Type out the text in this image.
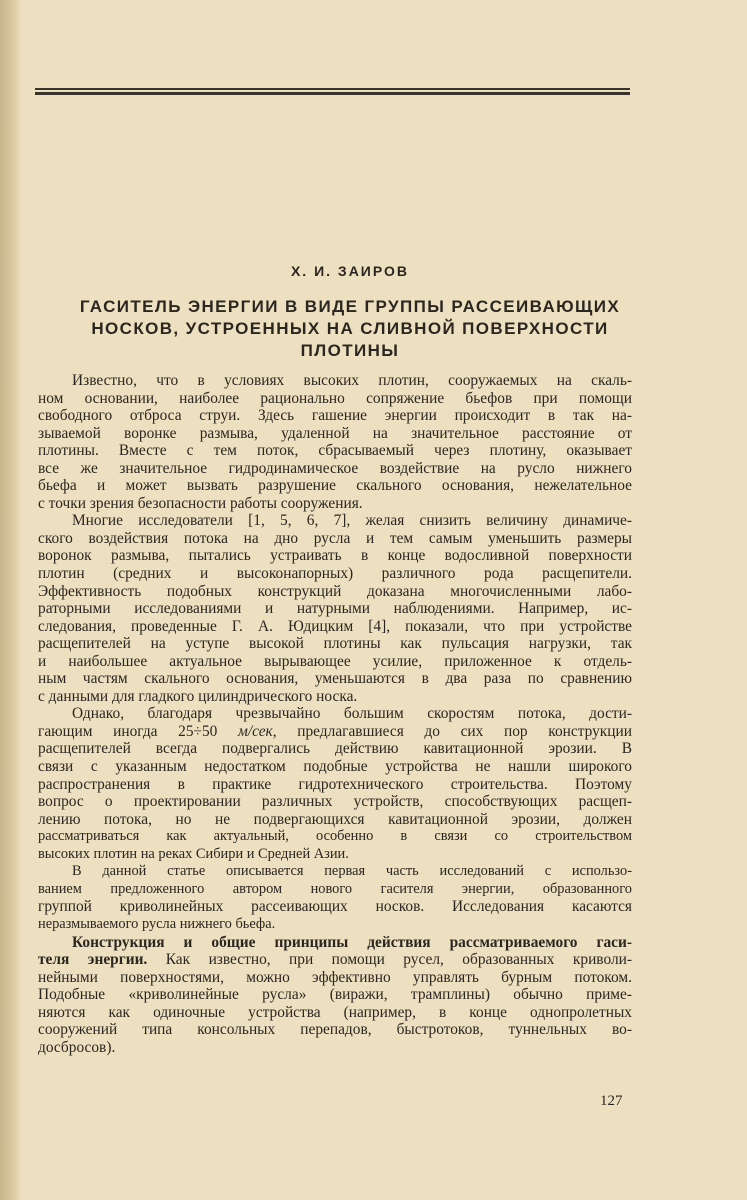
Х. И. ЗАИРОВ
ГАСИТЕЛЬ ЭНЕРГИИ В ВИДЕ ГРУППЫ РАССЕИВАЮЩИХ
НОСКОВ, УСТРОЕННЫХ НА СЛИВНОЙ ПОВЕРХНОСТИ
ПЛОТИНЫ
Известно, что в условиях высоких плотин, сооружаемых на скаль-
ном основании, наиболее рационально сопряжение бьефов при помощи
свободного отброса струи. Здесь гашение энергии происходит в так на-
зываемой воронке размыва, удаленной на значительное расстояние от
плотины. Вместе с тем поток, сбрасываемый через плотину, оказывает
все же значительное гидродинамическое воздействие на русло нижнего
бьефа и может вызвать разрушение скального основания, нежелательное
с точки зрения безопасности работы сооружения.
Многие исследователи [1, 5, 6, 7], желая снизить величину динамиче-
ского воздействия потока на дно русла и тем самым уменьшить размеры
воронок размыва, пытались устраивать в конце водосливной поверхности
плотин (средних и высоконапорных) различного рода расщепители.
Эффективность подобных конструкций доказана многочисленными лабо-
раторными исследованиями и натурными наблюдениями. Например, ис-
следования, проведенные Г. А. Юдицким [4], показали, что при устройстве
расщепителей на уступе высокой плотины как пульсация нагрузки, так
и наибольшее актуальное вырывающее усилие, приложенное к отдель-
ным частям скального основания, уменьшаются в два раза по сравнению
с данными для гладкого цилиндрического носка.
Однако, благодаря чрезвычайно большим скоростям потока, дости-
гающим иногда 25÷50 м/сек, предлагавшиеся до сих пор конструкции
расщепителей всегда подвергались действию кавитационной эрозии. В
связи с указанным недостатком подобные устройства не нашли широкого
распространения в практике гидротехнического строительства. Поэтому
вопрос о проектировании различных устройств, способствующих расщеп-
лению потока, но не подвергающихся кавитационной эрозии, должен
рассматриваться как актуальный, особенно в связи со строительством
высоких плотин на реках Сибири и Средней Азии.
В данной статье описывается первая часть исследований с использо-
ванием предложенного автором нового гасителя энергии, образованного
группой криволинейных рассеивающих носков. Исследования касаются
неразмываемого русла нижнего бьефа.
Конструкция и общие принципы действия рассматриваемого гаси-
теля энергии. Как известно, при помощи русел, образованных криволи-
нейными поверхностями, можно эффективно управлять бурным потоком.
Подобные «криволинейные русла» (виражи, трамплины) обычно приме-
няются как одиночные устройства (например, в конце однопролетных
сооружений типа консольных перепадов, быстротоков, туннельных во-
досбросов).
127
